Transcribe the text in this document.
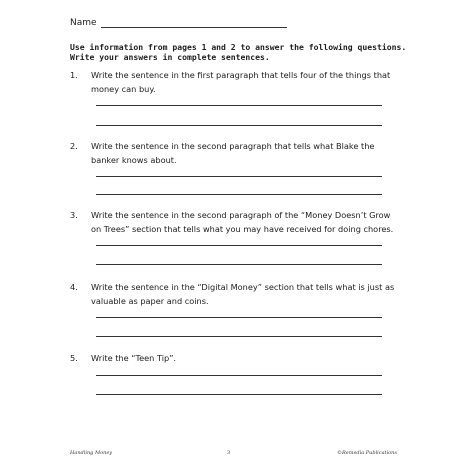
Name
Use information from pages 1 and 2 to answer the following questions.
Write your answers in complete sentences.
1. Write the sentence in the first paragraph that tells four of the things that money can buy.
2. Write the sentence in the second paragraph that tells what Blake the banker knows about.
3. Write the sentence in the second paragraph of the “Money Doesn’t Grow on Trees” section that tells what you may have received for doing chores.
4. Write the sentence in the “Digital Money” section that tells what is just as valuable as paper and coins.
5. Write the “Teen Tip”.
Handling Money	3	©Remedia Publications
